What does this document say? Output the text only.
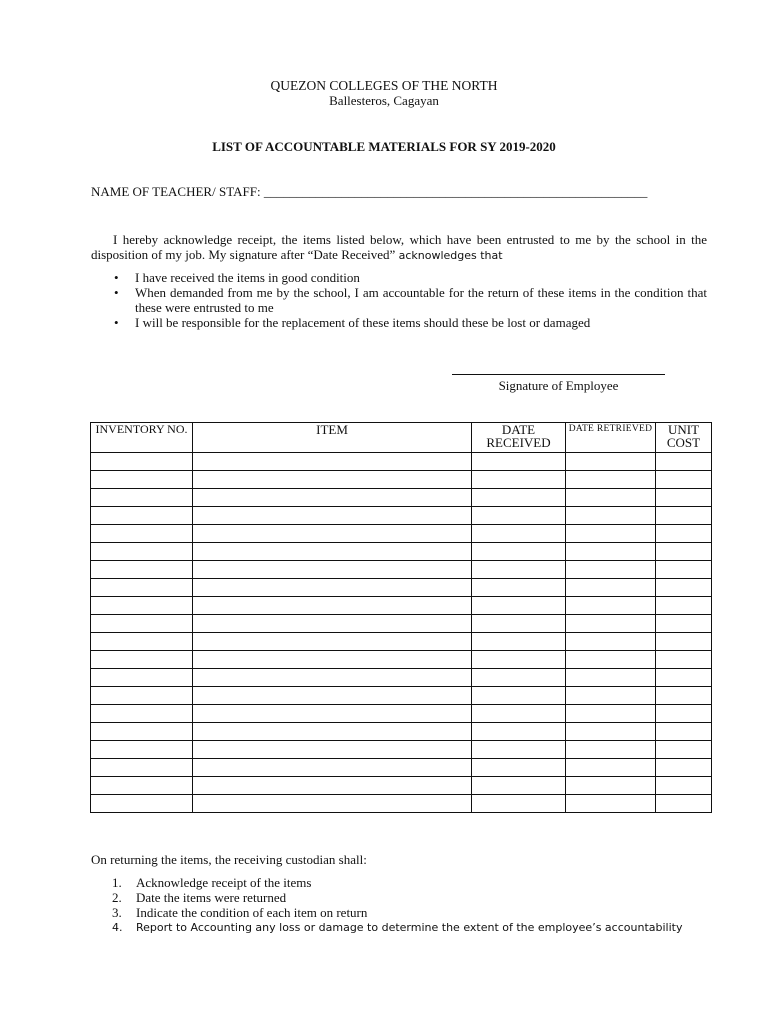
QUEZON COLLEGES OF THE NORTH
Ballesteros, Cagayan
LIST OF ACCOUNTABLE MATERIALS FOR SY 2019-2020
NAME OF TEACHER/ STAFF: ___________________________________________________________
I hereby acknowledge receipt, the items listed below, which have been entrusted to me by the school in the disposition of my job. My signature after “Date Received” acknowledges that
• I have received the items in good condition
• When demanded from me by the school, I am accountable for the return of these items in the condition that these were entrusted to me
• I will be responsible for the replacement of these items should these be lost or damaged
Signature of Employee
INVENTORY NO.	ITEM	DATE RECEIVED	DATE RETRIEVED	UNIT COST

On returning the items, the receiving custodian shall:
1. Acknowledge receipt of the items
2. Date the items were returned
3. Indicate the condition of each item on return
4. Report to Accounting any loss or damage to determine the extent of the employee’s accountability
